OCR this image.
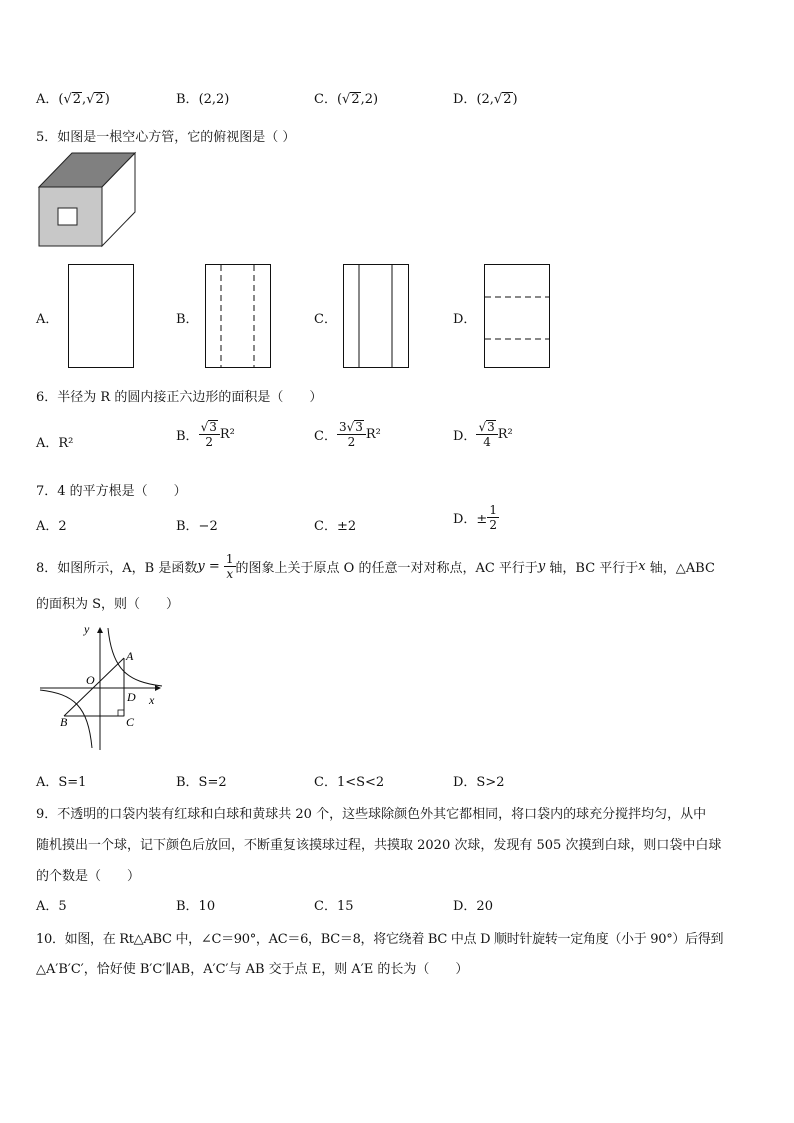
A．(√2,√2)	B．(2,2)	C．(√2,2)	D．(2,√2)
5．如图是一根空心方管，它的俯视图是（ ）
A．	B．	C．	D．
6．半径为 R 的圆内接正六边形的面积是（　　）
A．R²	B． $\frac{√3}{2} R^2$	C． $\frac{3√3}{2} R^2$	D． $\frac{√3}{4} R^2$
7．4 的平方根是（　　）
A．2	B．−2	C．±2	D．± $\frac{1}{2}$
8．如图所示，A，B 是函数$y = \frac{1}{x}$ 的图象上关于原点 O 的任意一对对称点，AC 平行于y 轴，BC 平行于x 轴，△ABC
的面积为 S，则（　　）
y
x
O
A
B	C
D
A．S=1	B．S=2	C．1<S<2	D．S>2
9．不透明的口袋内装有红球和白球和黄球共 20 个，这些球除颜色外其它都相同，将口袋内的球充分搅拌均匀，从中
随机摸出一个球，记下颜色后放回，不断重复该摸球过程，共摸取 2020 次球，发现有 505 次摸到白球，则口袋中白球
的个数是（　　）
A．5	B．10	C．15	D．20
10．如图，在 Rt△ABC 中，∠C＝90°，AC＝6，BC＝8，将它绕着 BC 中点 D 顺时针旋转一定角度（小于 90°）后得到
△A′B′C′，恰好使 B′C′∥AB，A′C′与 AB 交于点 E，则 A′E 的长为（　　）
